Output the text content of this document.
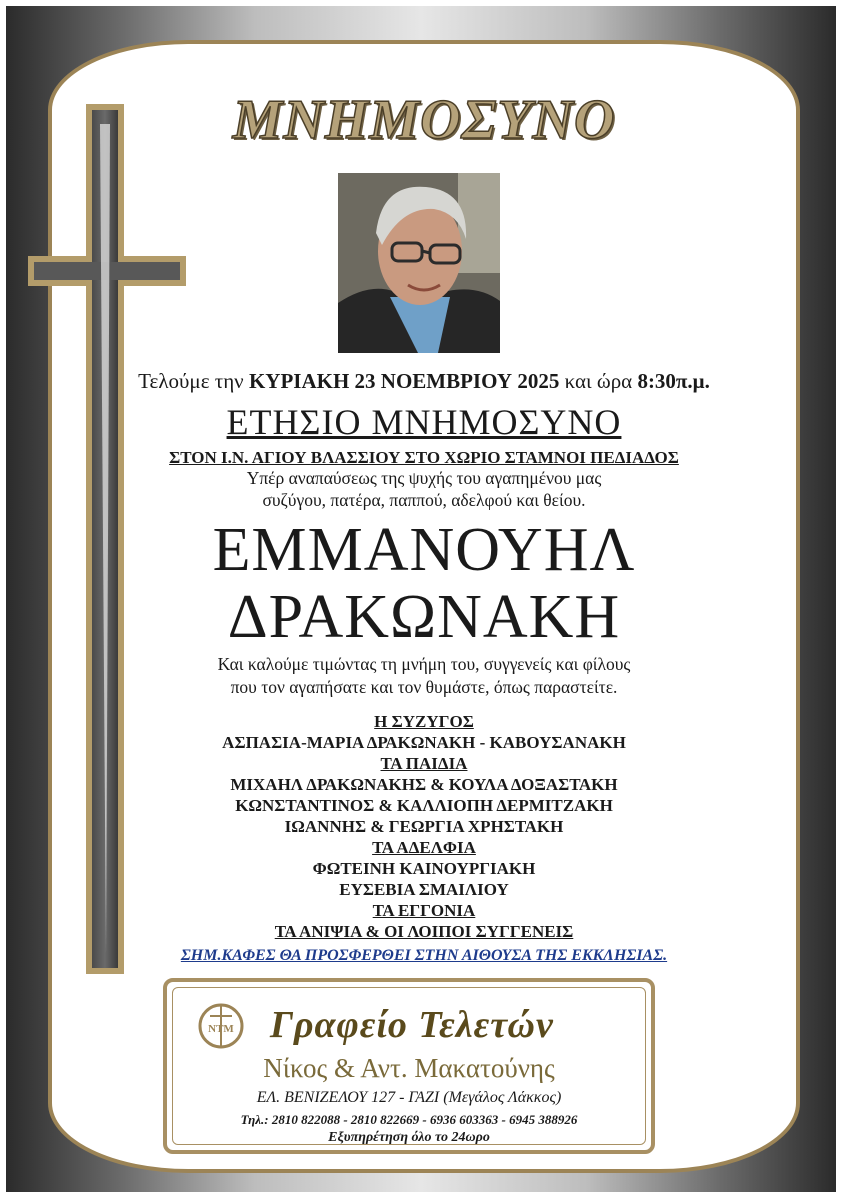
ΜΝΗΜΟΣΥΝΟ
Τελούμε την ΚΥΡΙΑΚΗ 23 ΝΟΕΜΒΡΙΟΥ 2025 και ώρα 8:30π.μ.
ΕΤΗΣΙΟ ΜΝΗΜΟΣΥΝΟ
ΣΤΟΝ Ι.Ν. ΑΓΙΟΥ ΒΛΑΣΣΙΟΥ ΣΤΟ ΧΩΡΙΟ ΣΤΑΜΝΟΙ ΠΕΔΙΑΔΟΣ
Υπέρ αναπαύσεως της ψυχής του αγαπημένου μας
συζύγου, πατέρα, παππού, αδελφού και θείου.
ΕΜΜΑΝΟΥΗΛ
ΔΡΑΚΩΝΑΚΗ
Και καλούμε τιμώντας τη μνήμη του, συγγενείς και φίλους
που τον αγαπήσατε και τον θυμάστε, όπως παραστείτε.
Η ΣΥΖΥΓΟΣ
ΑΣΠΑΣΙΑ-ΜΑΡΙΑ ΔΡΑΚΩΝΑΚΗ - ΚΑΒΟΥΣΑΝΑΚΗ
ΤΑ ΠΑΙΔΙΑ
ΜΙΧΑΗΛ ΔΡΑΚΩΝΑΚΗΣ & ΚΟΥΛΑ ΔΟΞΑΣΤΑΚΗ
ΚΩΝΣΤΑΝΤΙΝΟΣ & ΚΑΛΛΙΟΠΗ ΔΕΡΜΙΤΖΑΚΗ
ΙΩΑΝΝΗΣ & ΓΕΩΡΓΙΑ ΧΡΗΣΤΑΚΗ
ΤΑ ΑΔΕΛΦΙΑ
ΦΩΤΕΙΝΗ ΚΑΙΝΟΥΡΓΙΑΚΗ
ΕΥΣΕΒΙΑ ΣΜΑΙΛΙΟΥ
ΤΑ ΕΓΓΟΝΙΑ
ΤΑ ΑΝΙΨΙΑ & ΟΙ ΛΟΙΠΟΙ ΣΥΓΓΕΝΕΙΣ
ΣΗΜ.ΚΑΦΕΣ ΘΑ ΠΡΟΣΦΕΡΘΕΙ ΣΤΗΝ ΑΙΘΟΥΣΑ ΤΗΣ ΕΚΚΛΗΣΙΑΣ.
ΝΤΜ Γραφείο Τελετών
Νίκος & Αντ. Μακατούνης
ΕΛ. ΒΕΝΙΖΕΛΟΥ 127 - ΓΑΖΙ (Μεγάλος Λάκκος)
Τηλ.: 2810 822088 - 2810 822669 - 6936 603363 - 6945 388926
Εξυπηρέτηση όλο το 24ωρο
